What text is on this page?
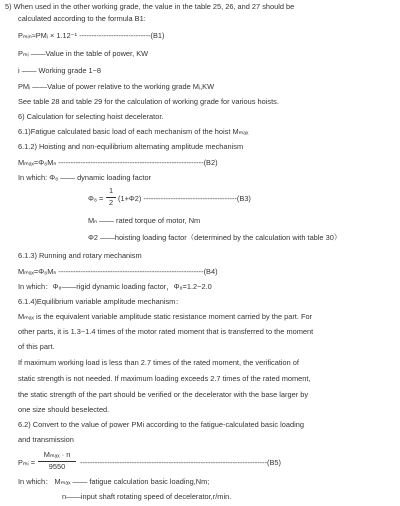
5) When used in the other working grade, the value in the table 25, 26, and 27 should be
calculated according to the formula B1:
Pₘᵢₙ≈PMᵢ × 1.12⁻¹ -----------------------------(B1)
Pₘᵢ ——Value in the table of power, KW
i —— Working grade 1~8
PMᵢ ——Value of power relative to the working grade Mᵢ,KW
See table 28 and table 29 for the calculation of working grade for various hoists.
6) Calculation for selecting hoist decelerator.
6.1)Fatigue calculated basic load of each mechanism of the hoist Mₘₐₓ
6.1.2) Hoisting and non-equilibrium alternating amplitude mechanism
Mₘₐₓ=Φ₈Mₙ -----------------------------------------------------------(B2)
In which: Φ₈ —— dynamic loading factor
Φ₈ =
1
2 (1+Φ2) --------------------------------------(B3)
Mₙ —— rated torque of motor, Nm
Φ2 ——hoisting loading factor（determined by the calculation with table 30）
6.1.3) Running and rotary mechanism
Mₘₐₓ=Φ₈Mₙ -----------------------------------------------------------(B4)
In which：Φ₈——rigid dynamic loading factor，Φ₈=1.2~2.0
6.1.4)Equilibrium variable amplitude mechanism：
Mₘₐₓ is the equivalent variable amplitude static resistance moment carried by the part. For
other parts, it is 1.3~1.4 times of the motor rated moment that is transferred to the moment
of this part.
If maximum working load is less than 2.7 times of the rated moment, the verification of
static strength is not needed. If maximum loading exceeds 2.7 times of the rated moment,
the static strength of the part should be verified or the decelerator with the base larger by
one size should beselected.
6.2) Convert to the value of power PMi according to the fatigue-calculated basic loading
and transmission
Pₘᵢ =
Mₘₐₓ · n
9550	----------------------------------------------------------------------------(B5)
In which： Mₘₐₓ —— fatigue calculation basic loading,Nm;
n——input shaft rotating speed of decelerator,r/min.
